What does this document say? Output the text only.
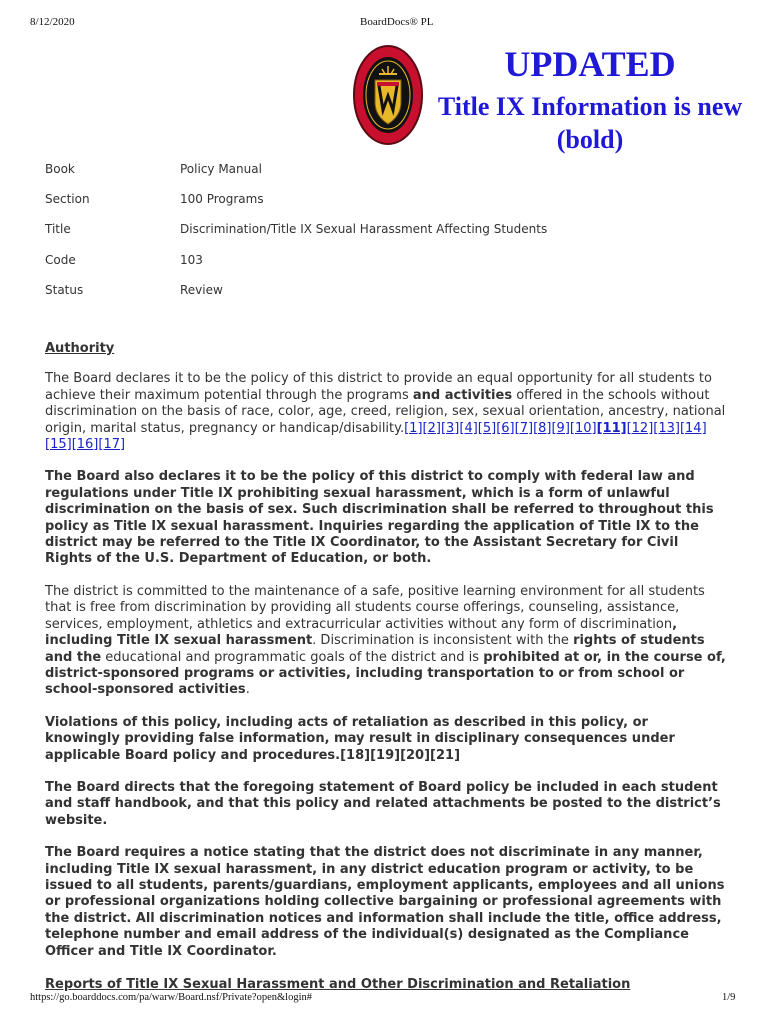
8/12/2020	BoardDocs® PL
UPDATED
Title IX Information is new
(bold)
Book	Policy Manual
Section	100 Programs
Title	Discrimination/Title IX Sexual Harassment Affecting Students
Code	103
Status	Review
Authority

The Board declares it to be the policy of this district to provide an equal opportunity for all students to achieve their maximum potential through the programs and activities offered in the schools without discrimination on the basis of race, color, age, creed, religion, sex, sexual orientation, ancestry, national origin, marital status, pregnancy or handicap/disability.[1][2][3][4][5][6][7][8][9][10][11][12][13][14][15][16][17]

The Board also declares it to be the policy of this district to comply with federal law and regulations under Title IX prohibiting sexual harassment, which is a form of unlawful discrimination on the basis of sex. Such discrimination shall be referred to throughout this policy as Title IX sexual harassment. Inquiries regarding the application of Title IX to the district may be referred to the Title IX Coordinator, to the Assistant Secretary for Civil Rights of the U.S. Department of Education, or both.

The district is committed to the maintenance of a safe, positive learning environment for all students that is free from discrimination by providing all students course offerings, counseling, assistance, services, employment, athletics and extracurricular activities without any form of discrimination, including Title IX sexual harassment. Discrimination is inconsistent with the rights of students and the educational and programmatic goals of the district and is prohibited at or, in the course of, district-sponsored programs or activities, including transportation to or from school or school-sponsored activities.

Violations of this policy, including acts of retaliation as described in this policy, or knowingly providing false information, may result in disciplinary consequences under applicable Board policy and procedures.[18][19][20][21]

The Board directs that the foregoing statement of Board policy be included in each student and staff handbook, and that this policy and related attachments be posted to the district’s website.

The Board requires a notice stating that the district does not discriminate in any manner, including Title IX sexual harassment, in any district education program or activity, to be issued to all students, parents/guardians, employment applicants, employees and all unions or professional organizations holding collective bargaining or professional agreements with the district. All discrimination notices and information shall include the title, office address, telephone number and email address of the individual(s) designated as the Compliance Officer and Title IX Coordinator.

Reports of Title IX Sexual Harassment and Other Discrimination and Retaliation
https://go.boarddocs.com/pa/warw/Board.nsf/Private?open&login#	1/9
